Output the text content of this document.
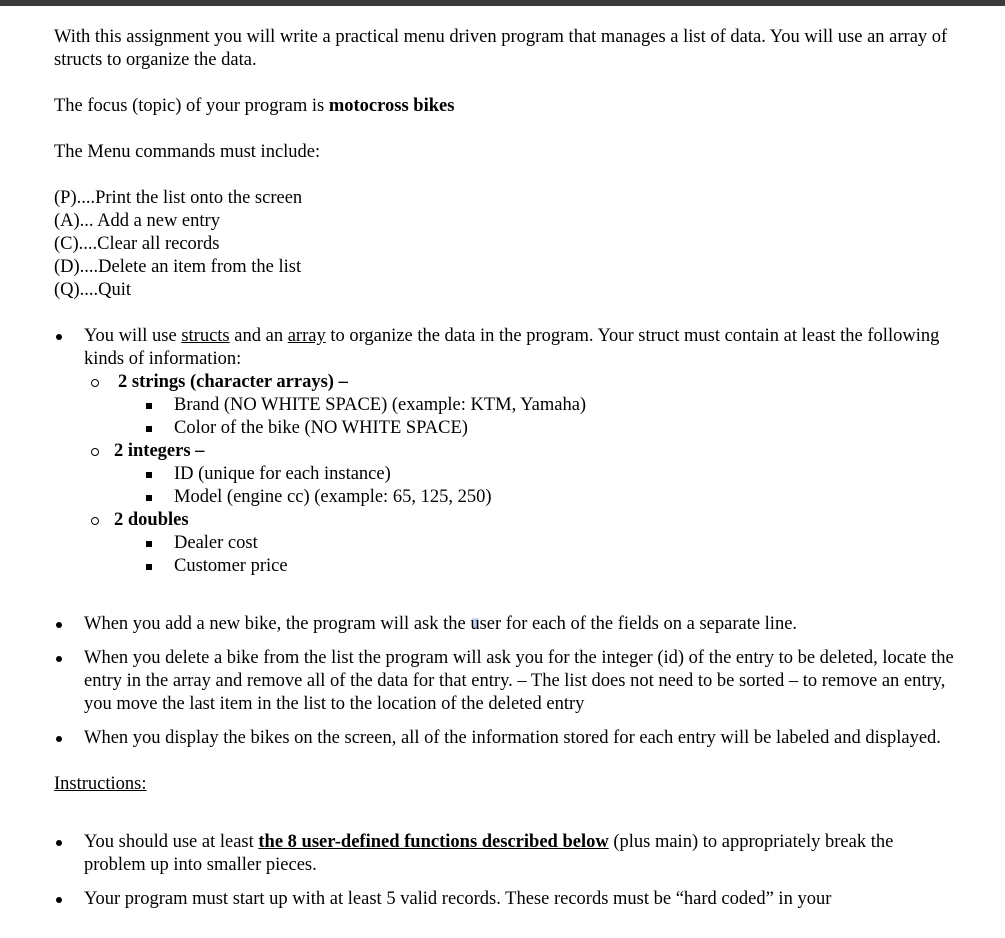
With this assignment you will write a practical menu driven program that manages a list of data. You will use an array of structs to organize the data.

The focus (topic) of your program is motocross bikes

The Menu commands must include:

(P)....Print the list onto the screen
(A)... Add a new entry
(C)....Clear all records
(D)....Delete an item from the list
(Q)....Quit
You will use structs and an array to organize the data in the program. Your struct must contain at least the following kinds of information:
2 strings (character arrays) –
Brand (NO WHITE SPACE) (example: KTM, Yamaha)
Color of the bike (NO WHITE SPACE)
2 integers –
ID (unique for each instance)
Model (engine cc) (example: 65, 125, 250)
2 doubles
Dealer cost
Customer price
When you add a new bike, the program will ask the user for each of the fields on a separate line.
When you delete a bike from the list the program will ask you for the integer (id) of the entry to be deleted, locate the entry in the array and remove all of the data for that entry. – The list does not need to be sorted – to remove an entry, you move the last item in the list to the location of the deleted entry
When you display the bikes on the screen, all of the information stored for each entry will be labeled and displayed.

Instructions:

You should use at least the 8 user-defined functions described below (plus main) to appropriately break the problem up into smaller pieces.
Your program must start up with at least 5 valid records. These records must be “hard coded” in your
